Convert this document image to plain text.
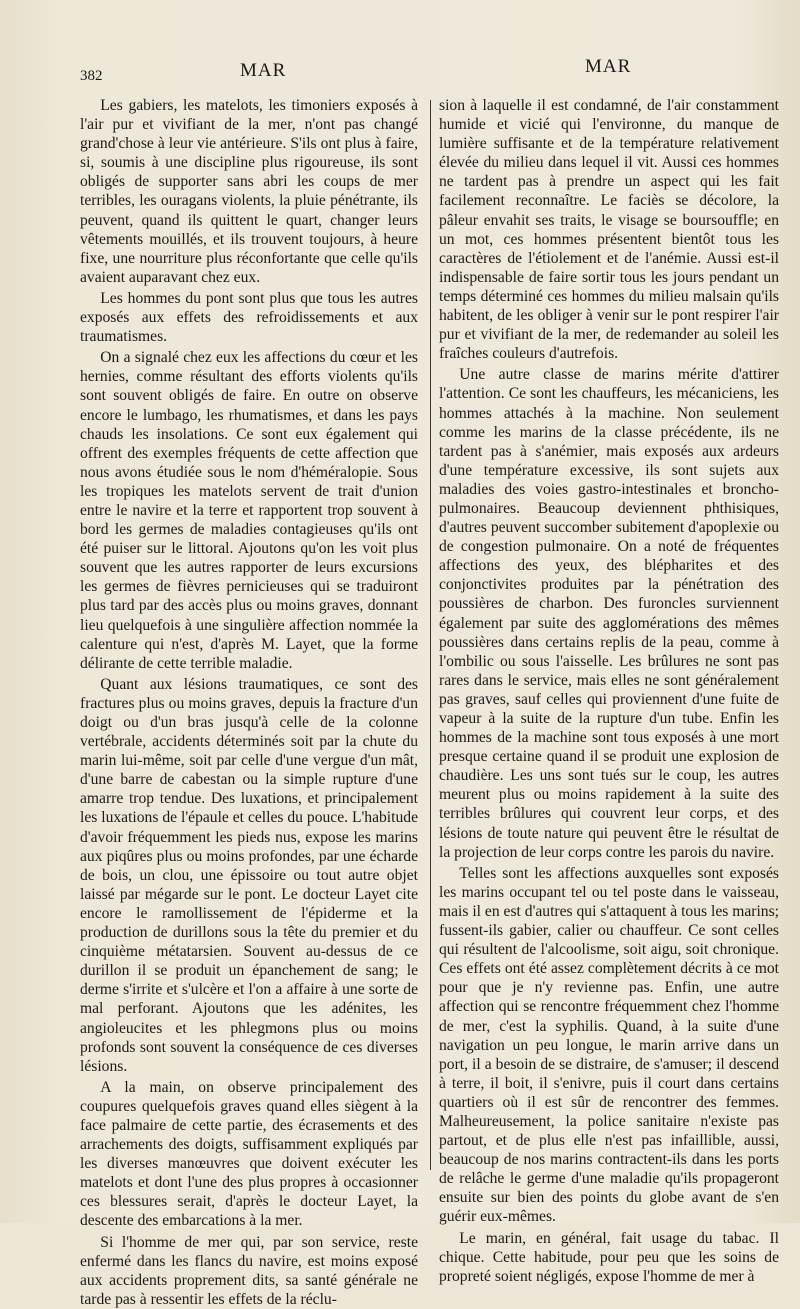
382	MAR	MAR

Les gabiers, les matelots, les timoniers exposés à l'air pur et vivifiant de la mer, n'ont pas changé grand'chose à leur vie antérieure. S'ils ont plus à faire, si, soumis à une discipline plus rigoureuse, ils sont obligés de supporter sans abri les coups de mer terribles, les ouragans violents, la pluie pénétrante, ils peuvent, quand ils quittent le quart, changer leurs vêtements mouillés, et ils trouvent toujours, à heure fixe, une nourriture plus réconfortante que celle qu'ils avaient auparavant chez eux.

Les hommes du pont sont plus que tous les autres exposés aux effets des refroidissements et aux traumatismes.

On a signalé chez eux les affections du cœur et les hernies, comme résultant des efforts violents qu'ils sont souvent obligés de faire. En outre on observe encore le lumbago, les rhumatismes, et dans les pays chauds les insolations. Ce sont eux également qui offrent des exemples fréquents de cette affection que nous avons étudiée sous le nom d'héméralopie. Sous les tropiques les matelots servent de trait d'union entre le navire et la terre et rapportent trop souvent à bord les germes de maladies contagieuses qu'ils ont été puiser sur le littoral. Ajoutons qu'on les voit plus souvent que les autres rapporter de leurs excursions les germes de fièvres pernicieuses qui se traduiront plus tard par des accès plus ou moins graves, donnant lieu quelquefois à une singulière affection nommée la calenture qui n'est, d'après M. Layet, que la forme délirante de cette terrible maladie.

Quant aux lésions traumatiques, ce sont des fractures plus ou moins graves, depuis la fracture d'un doigt ou d'un bras jusqu'à celle de la colonne vertébrale, accidents déterminés soit par la chute du marin lui-même, soit par celle d'une vergue d'un mât, d'une barre de cabestan ou la simple rupture d'une amarre trop tendue. Des luxations, et principalement les luxations de l'épaule et celles du pouce. L'habitude d'avoir fréquemment les pieds nus, expose les marins aux piqûres plus ou moins profondes, par une écharde de bois, un clou, une épissoire ou tout autre objet laissé par mégarde sur le pont. Le docteur Layet cite encore le ramollissement de l'épiderme et la production de durillons sous la tête du premier et du cinquième métatarsien. Souvent au-dessus de ce durillon il se produit un épanchement de sang; le derme s'irrite et s'ulcère et l'on a affaire à une sorte de mal perforant. Ajoutons que les adénites, les angioleucites et les phlegmons plus ou moins profonds sont souvent la conséquence de ces diverses lésions.

A la main, on observe principalement des coupures quelquefois graves quand elles siègent à la face palmaire de cette partie, des écrasements et des arrachements des doigts, suffisamment expliqués par les diverses manœuvres que doivent exécuter les matelots et dont l'une des plus propres à occasionner ces blessures serait, d'après le docteur Layet, la descente des embarcations à la mer.

Si l'homme de mer qui, par son service, reste enfermé dans les flancs du navire, est moins exposé aux accidents proprement dits, sa santé générale ne tarde pas à ressentir les effets de la réclu-

sion à laquelle il est condamné, de l'air constamment humide et vicié qui l'environne, du manque de lumière suffisante et de la température relativement élevée du milieu dans lequel il vit. Aussi ces hommes ne tardent pas à prendre un aspect qui les fait facilement reconnaître. Le faciès se décolore, la pâleur envahit ses traits, le visage se boursouffle; en un mot, ces hommes présentent bientôt tous les caractères de l'étiolement et de l'anémie. Aussi est-il indispensable de faire sortir tous les jours pendant un temps déterminé ces hommes du milieu malsain qu'ils habitent, de les obliger à venir sur le pont respirer l'air pur et vivifiant de la mer, de redemander au soleil les fraîches couleurs d'autrefois.

Une autre classe de marins mérite d'attirer l'attention. Ce sont les chauffeurs, les mécaniciens, les hommes attachés à la machine. Non seulement comme les marins de la classe précédente, ils ne tardent pas à s'anémier, mais exposés aux ardeurs d'une température excessive, ils sont sujets aux maladies des voies gastro-intestinales et broncho-pulmonaires. Beaucoup deviennent phthisiques, d'autres peuvent succomber subitement d'apoplexie ou de congestion pulmonaire. On a noté de fréquentes affections des yeux, des blépharites et des conjonctivites produites par la pénétration des poussières de charbon. Des furoncles surviennent également par suite des agglomérations des mêmes poussières dans certains replis de la peau, comme à l'ombilic ou sous l'aisselle. Les brûlures ne sont pas rares dans le service, mais elles ne sont généralement pas graves, sauf celles qui proviennent d'une fuite de vapeur à la suite de la rupture d'un tube. Enfin les hommes de la machine sont tous exposés à une mort presque certaine quand il se produit une explosion de chaudière. Les uns sont tués sur le coup, les autres meurent plus ou moins rapidement à la suite des terribles brûlures qui couvrent leur corps, et des lésions de toute nature qui peuvent être le résultat de la projection de leur corps contre les parois du navire.

Telles sont les affections auxquelles sont exposés les marins occupant tel ou tel poste dans le vaisseau, mais il en est d'autres qui s'attaquent à tous les marins; fussent-ils gabier, calier ou chauffeur. Ce sont celles qui résultent de l'alcoolisme, soit aigu, soit chronique. Ces effets ont été assez complètement décrits à ce mot pour que je n'y revienne pas. Enfin, une autre affection qui se rencontre fréquemment chez l'homme de mer, c'est la syphilis. Quand, à la suite d'une navigation un peu longue, le marin arrive dans un port, il a besoin de se distraire, de s'amuser; il descend à terre, il boit, il s'enivre, puis il court dans certains quartiers où il est sûr de rencontrer des femmes. Malheureusement, la police sanitaire n'existe pas partout, et de plus elle n'est pas infaillible, aussi, beaucoup de nos marins contractent-ils dans les ports de relâche le germe d'une maladie qu'ils propageront ensuite sur bien des points du globe avant de s'en guérir eux-mêmes.

Le marin, en général, fait usage du tabac. Il chique. Cette habitude, pour peu que les soins de propreté soient négligés, expose l'homme de mer à
